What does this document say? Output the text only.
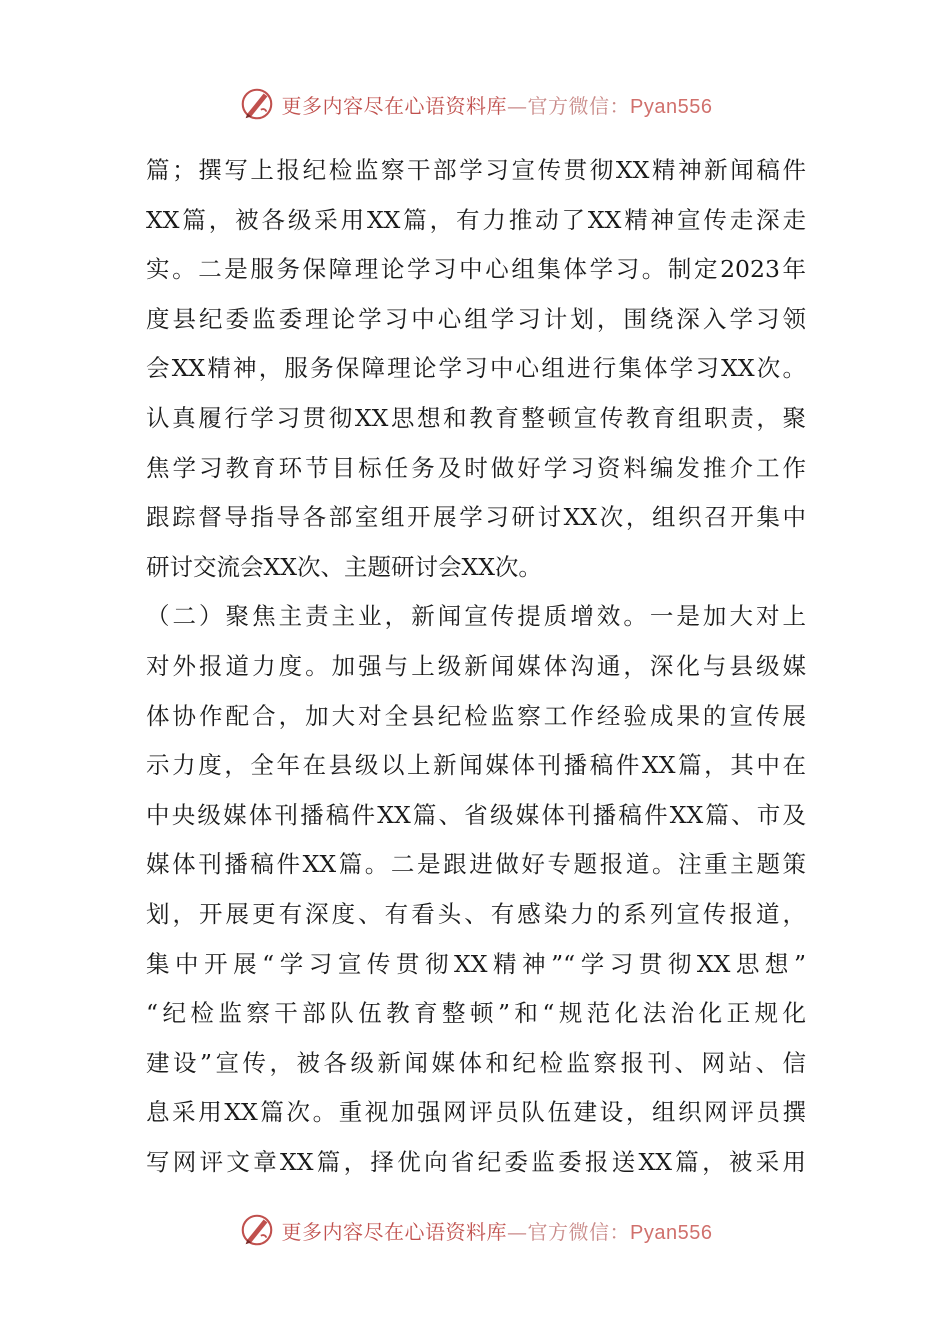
更多内容尽在心语资料库—官方微信：Pyan556
篇；撰写上报纪检监察干部学习宣传贯彻XX精神新闻稿件
XX篇，被各级采用XX篇，有力推动了XX精神宣传走深走
实。二是服务保障理论学习中心组集体学习。制定2023年
度县纪委监委理论学习中心组学习计划，围绕深入学习领
会XX精神，服务保障理论学习中心组进行集体学习XX次。
认真履行学习贯彻XX思想和教育整顿宣传教育组职责，聚
焦学习教育环节目标任务及时做好学习资料编发推介工作
跟踪督导指导各部室组开展学习研讨XX次，组织召开集中
研讨交流会XX次、主题研讨会XX次。
（二）聚焦主责主业，新闻宣传提质增效。一是加大对上
对外报道力度。加强与上级新闻媒体沟通，深化与县级媒
体协作配合，加大对全县纪检监察工作经验成果的宣传展
示力度，全年在县级以上新闻媒体刊播稿件XX篇，其中在
中央级媒体刊播稿件XX篇、省级媒体刊播稿件XX篇、市及
媒体刊播稿件XX篇。二是跟进做好专题报道。注重主题策
划，开展更有深度、有看头、有感染力的系列宣传报道，
集中开展“学习宣传贯彻XX精神”“学习贯彻XX思想”
“纪检监察干部队伍教育整顿”和“规范化法治化正规化
建设”宣传，被各级新闻媒体和纪检监察报刊、网站、信
息采用XX篇次。重视加强网评员队伍建设，组织网评员撰
写网评文章XX篇，择优向省纪委监委报送XX篇，被采用
更多内容尽在心语资料库—官方微信：Pyan556
